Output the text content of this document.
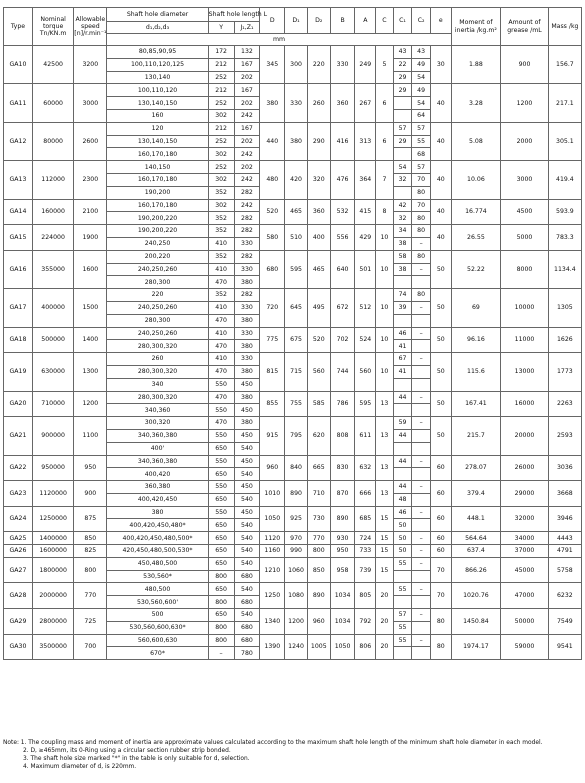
Type	Nominal torque Tn/KN.m	Allowable speed [n]/r.min⁻¹	Shaft hole diameter	Shaft hole length L		D	D₁	D₂	B	A	C	C₁	C₂	e	Moment of inertia /kg.m²	Amount of grease /mL	Mass /kg
			d₁,d₂,d₃	Y	J₁,Z₁												
			mm														
GA10	42500	3200	80,85,90,95	172	132	345	300	220	330	249	5	43	43	30	1.88	900	156.7
			100,110,120,125	212	167							22	49				
			130,140	252	202							29	54				
GA11	60000	3000	100,110,120	212	167	380	330	260	360	267	6	29	49	40	3.28	1200	217.1
			130,140,150	252	202								54				
			160	302	242								64				
GA12	80000	2600	120	212	167	440	380	290	416	313	6	57	57	40	5.08	2000	305.1
			130,140,150	252	202							29	55				
			160,170,180	302	242								68				
GA13	112000	2300	140,150	252	202	480	420	320	476	364	7	54	57	40	10.06	3000	419.4
			160,170,180	302	242							32	70				
			190,200	352	282								80				
GA14	160000	2100	160,170,180	302	242	520	465	360	532	415	8	42	70	40	16.774	4500	593.9
			190,200,220	352	282							32	80				
GA15	224000	1900	190,200,220	352	282	580	510	400	556	429	10	34	80	40	26.55	5000	783.3
			240,250	410	330							38	–				
GA16	355000	1600	200,220	352	282	680	595	465	640	501	10	58	80	50	52.22	8000	1134.4
			240,250,260	410	330							38	–				
			280,300	470	380												
GA17	400000	1500	220	352	282	720	645	495	672	512	10	74	80	50	69	10000	1305
			240,250,260	410	330							39	–				
			280,300	470	380												
GA18	500000	1400	240,250,260	410	330	775	675	520	702	524	10	46	–	50	96.16	11000	1626
			280,300,320	470	380							41					
GA19	630000	1300	260	410	330	815	715	560	744	560	10	67	–	50	115.6	13000	1773
			280,300,320	470	380							41					
			340	550	450												
GA20	710000	1200	280,300,320	470	380	855	755	585	786	595	13	44	–	50	167.41	16000	2263
			340,360	550	450												
GA21	900000	1100	300,320	470	380	915	795	620	808	611	13	59	–	50	215.7	20000	2593
			340,360,380	550	450							44					
			400'	650	540												
GA22	950000	950	340,360,380	550	450	960	840	665	830	632	13	44	–	60	278.07	26000	3036
			400,420	650	540												
GA23	1120000	900	360,380	550	450	1010	890	710	870	666	13	44	–	60	379.4	29000	3668
			400,420,450	650	540							48					
GA24	1250000	875	380	550	450	1050	925	730	890	685	15	46	–	60	448.1	32000	3946
			400,420,450,480*	650	540							50					
GA25	1400000	850	400,420,450,480,500*	650	540	1120	970	770	930	724	15	50	–	60	564.64	34000	4443
GA26	1600000	825	420,450,480,500,530*	650	540	1160	990	800	950	733	15	50	–	60	637.4	37000	4791
GA27	1800000	800	450,480,500	650	540	1210	1060	850	958	739	15	55	–	70	866.26	45000	5758
			530,560*	800	680												
GA28	2000000	770	480,500	650	540	1250	1080	890	1034	805	20	55	–	70	1020.76	47000	6232
			530,560,600'	800	680												
GA29	2800000	725	500	650	540	1340	1200	960	1034	792	20	57	–	80	1450.84	50000	7549
			530,560,600,630*	800	680							55					
GA30	3500000	700	560,600,630	800	680	1390	1240	1005	1050	806	20	55	–	80	1974.17	59000	9541
			670*	–	780												
Note: 1. The coupling mass and moment of inertia are approximate values calculated according to the maximum shaft hole length of the minimum shaft hole diameter in each model.
2. D, ≥465mm, its 0-Ring using a circular section rubber strip bonded.
3. The shaft hole size marked "*" in the table is only suitable for d, selection.
4. Maximum diameter of d, is 220mm.
